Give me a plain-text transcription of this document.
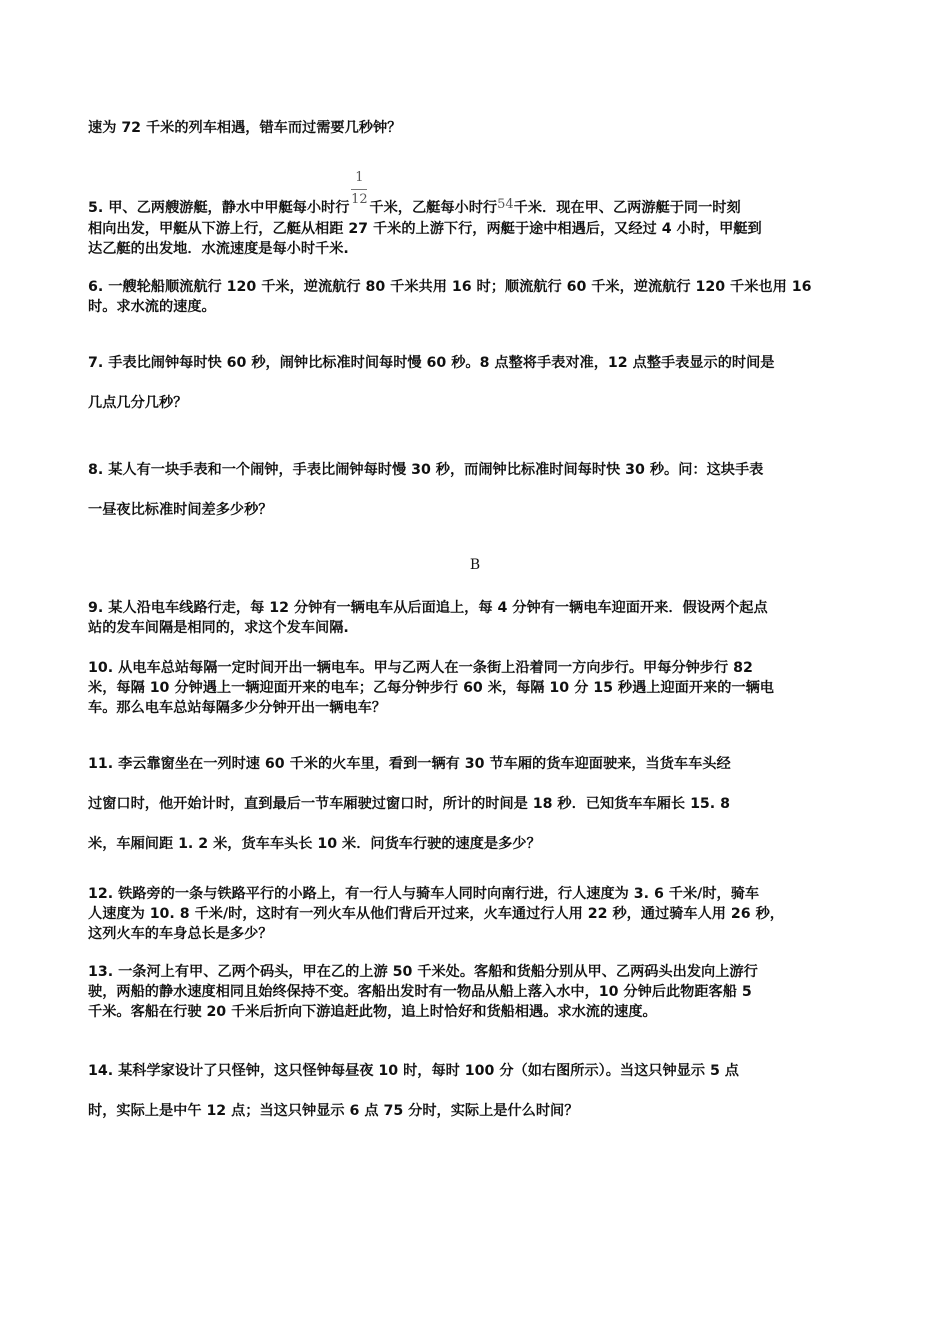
速为 72 千米的列车相遇，错车而过需要几秒钟？
5. 甲、乙两艘游艇，静水中甲艇每小时行 $\frac{1}{12}$ 千米，乙艇每小时行54千米．现在甲、乙两游艇于同一时刻
相向出发，甲艇从下游上行，乙艇从相距 27 千米的上游下行，两艇于途中相遇后，又经过 4 小时，甲艇到
达乙艇的出发地．水流速度是每小时千米.
6. 一艘轮船顺流航行 120 千米，逆流航行 80 千米共用 16 时；顺流航行 60 千米，逆流航行 120 千米也用 16
时。求水流的速度。
7. 手表比闹钟每时快 60 秒，闹钟比标准时间每时慢 60 秒。8 点整将手表对准，12 点整手表显示的时间是
几点几分几秒？
8. 某人有一块手表和一个闹钟，手表比闹钟每时慢 30 秒，而闹钟比标准时间每时快 30 秒。问：这块手表
一昼夜比标准时间差多少秒？
B
9. 某人沿电车线路行走，每 12 分钟有一辆电车从后面追上，每 4 分钟有一辆电车迎面开来．假设两个起点
站的发车间隔是相同的，求这个发车间隔.
10. 从电车总站每隔一定时间开出一辆电车。甲与乙两人在一条街上沿着同一方向步行。甲每分钟步行 82
米，每隔 10 分钟遇上一辆迎面开来的电车；乙每分钟步行 60 米，每隔 10 分 15 秒遇上迎面开来的一辆电
车。那么电车总站每隔多少分钟开出一辆电车？
11. 李云靠窗坐在一列时速 60 千米的火车里，看到一辆有 30 节车厢的货车迎面驶来，当货车车头经
过窗口时，他开始计时，直到最后一节车厢驶过窗口时，所计的时间是 18 秒．已知货车车厢长 15. 8
米，车厢间距 1. 2 米，货车车头长 10 米．问货车行驶的速度是多少？
12. 铁路旁的一条与铁路平行的小路上，有一行人与骑车人同时向南行进，行人速度为 3. 6 千米/时，骑车
人速度为 10. 8 千米/时，这时有一列火车从他们背后开过来，火车通过行人用 22 秒，通过骑车人用 26 秒，
这列火车的车身总长是多少？
13. 一条河上有甲、乙两个码头，甲在乙的上游 50 千米处。客船和货船分别从甲、乙两码头出发向上游行
驶，两船的静水速度相同且始终保持不变。客船出发时有一物品从船上落入水中，10 分钟后此物距客船 5
千米。客船在行驶 20 千米后折向下游追赶此物，追上时恰好和货船相遇。求水流的速度。
14. 某科学家设计了只怪钟，这只怪钟每昼夜 10 时，每时 100 分（如右图所示）。当这只钟显示 5 点
时，实际上是中午 12 点；当这只钟显示 6 点 75 分时，实际上是什么时间？
